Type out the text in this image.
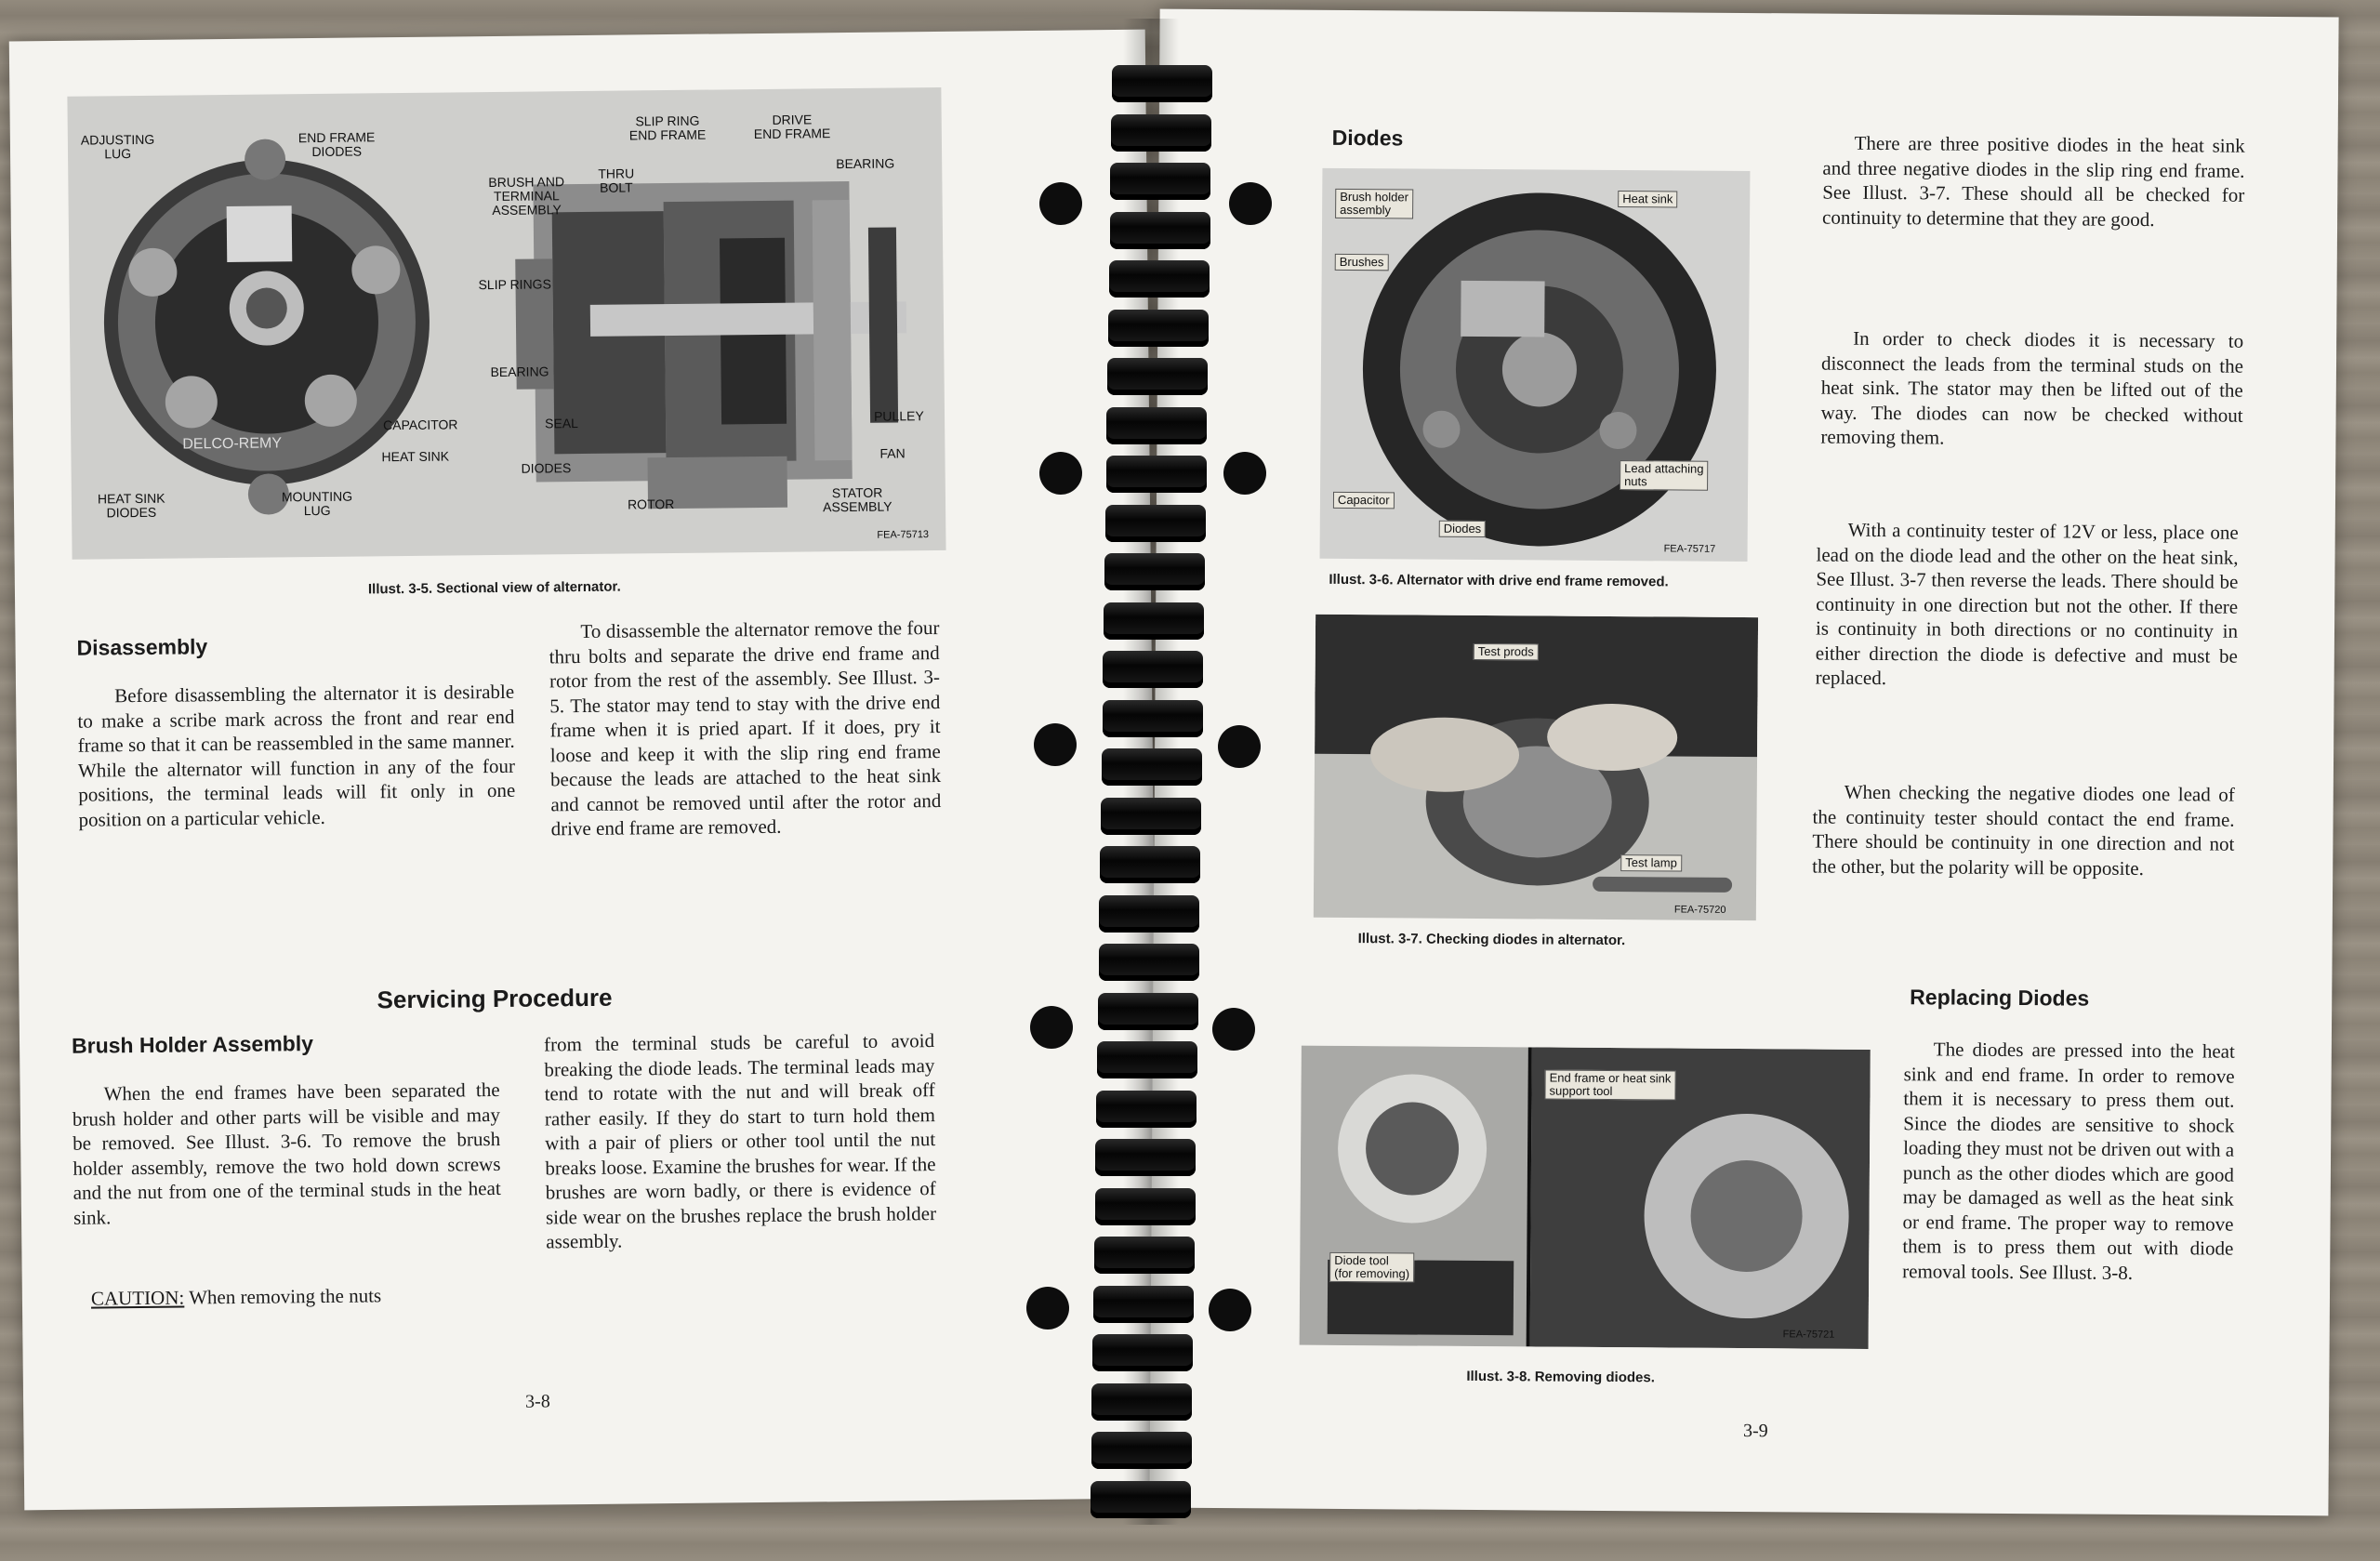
ADJUSTING
LUG
END FRAME
DIODES
SLIP RING
END FRAME
DRIVE
END FRAME
THRU
BOLT
BEARING
BRUSH AND
TERMINAL
ASSEMBLY
SLIP RINGS
BEARING
SEAL
CAPACITOR
HEAT SINK
DIODES
ROTOR
PULLEY
FAN
STATOR
ASSEMBLY
HEAT SINK
DIODES
MOUNTING
LUG
DELCO-REMY
FEA-75713
Illust. 3-5. Sectional view of alternator.
Disassembly
Before disassembling the alternator it is desirable to make a scribe mark across the front and rear end frame so that it can be reassembled in the same manner. While the alternator will function in any of the four positions, the terminal leads will fit only in one position on a particular vehicle.
To disassemble the alternator remove the four thru bolts and separate the drive end frame and rotor from the rest of the assembly. See Illust. 3-5. The stator may tend to stay with the drive end frame when it is pried apart. If it does, pry it loose and keep it with the slip ring end frame because the leads are attached to the heat sink and cannot be removed until after the rotor and drive end frame are removed.
Servicing Procedure
Brush Holder Assembly
When the end frames have been separated the brush holder and other parts will be visible and may be removed. See Illust. 3-6. To remove the brush holder assembly, remove the two hold down screws and the nut from one of the terminal studs in the heat sink.
CAUTION: When removing the nuts
from the terminal studs be careful to avoid breaking the diode leads. The terminal leads may tend to rotate with the nut and will break off rather easily. If they do start to turn hold them with a pair of pliers or other tool until the nut breaks loose. Examine the brushes for wear. If the brushes are worn badly, or there is evidence of side wear on the brushes replace the brush holder assembly.
3-8
Diodes
Brush holder
assembly
Heat sink
Brushes
Lead attaching
nuts
Capacitor
Diodes
FEA-75717
Illust. 3-6. Alternator with drive end frame removed.
Test prods
Test lamp
FEA-75720
Illust. 3-7. Checking diodes in alternator.
End frame or heat sink
support tool
Diode tool
(for removing)
FEA-75721
Illust. 3-8. Removing diodes.
There are three positive diodes in the heat sink and three negative diodes in the slip ring end frame. See Illust. 3-7. These should all be checked for continuity to determine that they are good.
In order to check diodes it is necessary to disconnect the leads from the terminal studs on the heat sink. The stator may then be lifted out of the way. The diodes can now be checked without removing them.
With a continuity tester of 12V or less, place one lead on the diode lead and the other on the heat sink, See Illust. 3-7 then reverse the leads. There should be continuity in one direction but not the other. If there is continuity in both directions or no continuity in either direction the diode is defective and must be replaced.
When checking the negative diodes one lead of the continuity tester should contact the end frame. There should be continuity in one direction and not the other, but the polarity will be opposite.
Replacing Diodes
The diodes are pressed into the heat sink and end frame. In order to remove them it is necessary to press them out. Since the diodes are sensitive to shock loading they must not be driven out with a punch as the other diodes which are good may be damaged as well as the heat sink or end frame. The proper way to remove them is to press them out with diode removal tools. See Illust. 3-8.
3-9
